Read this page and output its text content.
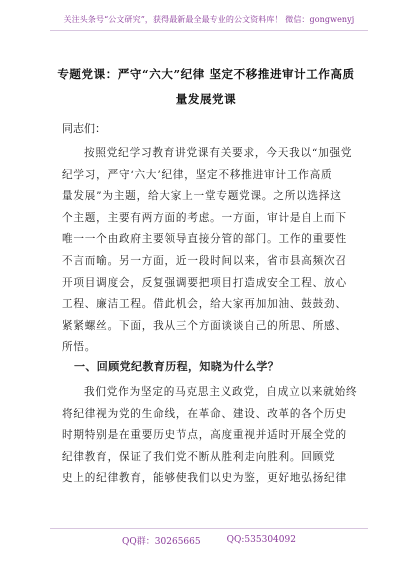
关注头条号“公文研究”，获得最新最全最专业的公文资料库！ 微信：gongwenyj
专题党课：严守“六大”纪律 坚定不移推进审计工作高质
量发展党课
同志们：
按照党纪学习教育讲党课有关要求，今天我以“加强党
纪学习，严守‘六大’纪律，坚定不移推进审计工作高质
量发展”为主题，给大家上一堂专题党课。之所以选择这
个主题，主要有两方面的考虑。一方面，审计是自上而下
唯一一个由政府主要领导直接分管的部门。工作的重要性
不言而喻。另一方面，近一段时间以来，省市县高频次召
开项目调度会，反复强调要把项目打造成安全工程、放心
工程、廉洁工程。借此机会，给大家再加加油、鼓鼓劲、
紧紧螺丝。下面，我从三个方面谈谈自己的所思、所感、
所悟。
一、回顾党纪教育历程，知晓为什么学？
我们党作为坚定的马克思主义政党，自成立以来就始终
将纪律视为党的生命线，在革命、建设、改革的各个历史
时期特别是在重要历史节点，高度重视并适时开展全党的
纪律教育，保证了我们党不断从胜利走向胜利。回顾党
史上的纪律教育，能够使我们以史为鉴，更好地弘扬纪律
QQ群：30265665	QQ:535304092
